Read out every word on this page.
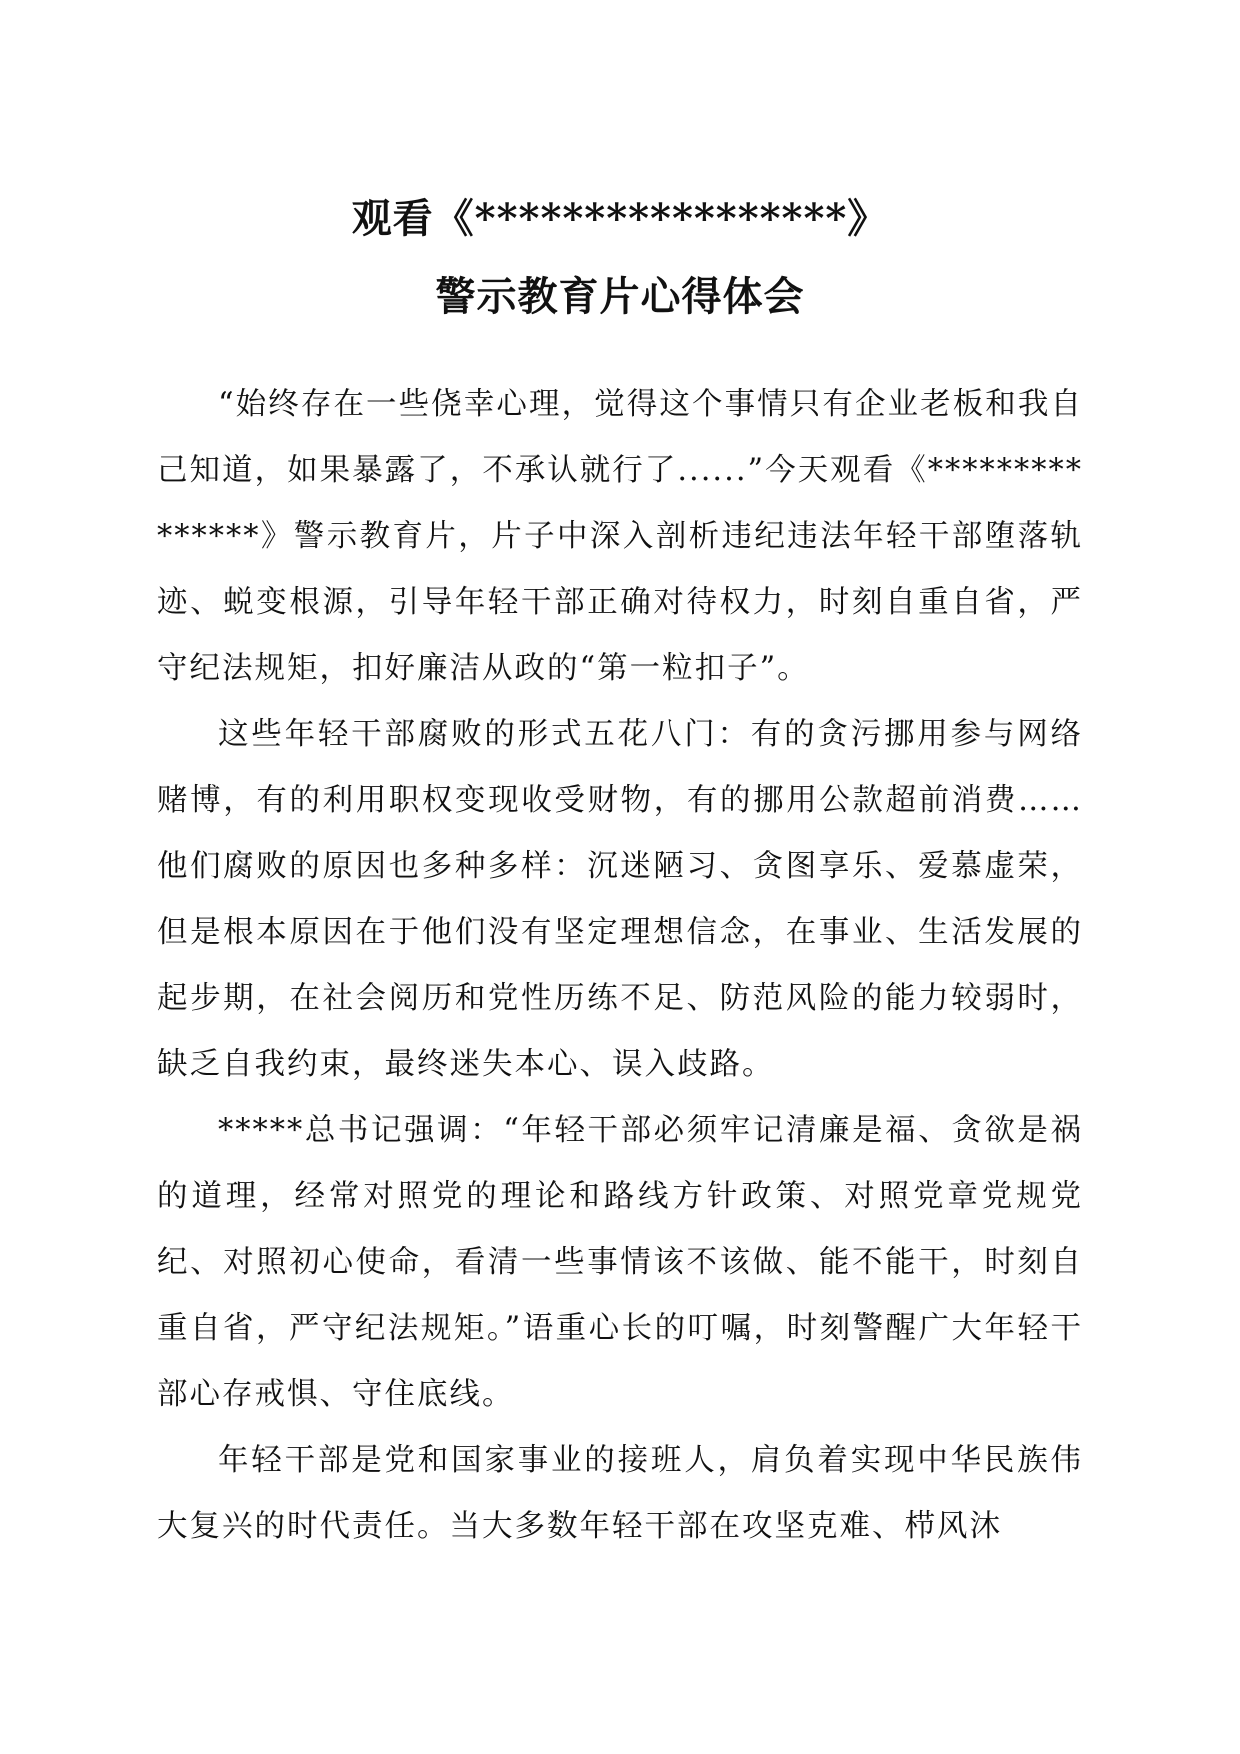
观看《*****************》
警示教育片心得体会

“始终存在一些侥幸心理，觉得这个事情只有企业老板和我自己知道，如果暴露了，不承认就行了......”今天观看《***************》警示教育片，片子中深入剖析违纪违法年轻干部堕落轨迹、蜕变根源，引导年轻干部正确对待权力，时刻自重自省，严守纪法规矩，扣好廉洁从政的“第一粒扣子”。

这些年轻干部腐败的形式五花八门：有的贪污挪用参与网络赌博，有的利用职权变现收受财物，有的挪用公款超前消费……他们腐败的原因也多种多样：沉迷陋习、贪图享乐、爱慕虚荣，但是根本原因在于他们没有坚定理想信念，在事业、生活发展的起步期，在社会阅历和党性历练不足、防范风险的能力较弱时，缺乏自我约束，最终迷失本心、误入歧路。

*****总书记强调：“年轻干部必须牢记清廉是福、贪欲是祸的道理，经常对照党的理论和路线方针政策、对照党章党规党纪、对照初心使命，看清一些事情该不该做、能不能干，时刻自重自省，严守纪法规矩。”语重心长的叮嘱，时刻警醒广大年轻干部心存戒惧、守住底线。

年轻干部是党和国家事业的接班人，肩负着实现中华民族伟大复兴的时代责任。当大多数年轻干部在攻坚克难、栉风沐
